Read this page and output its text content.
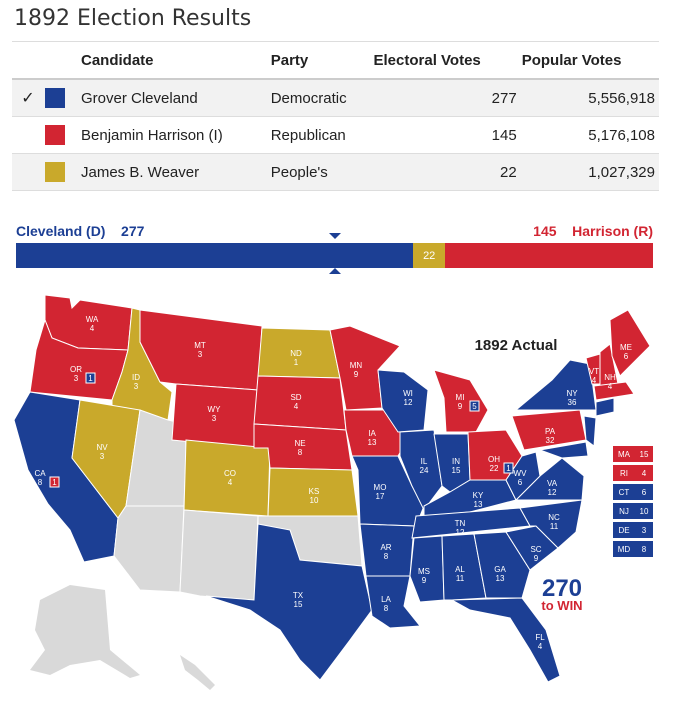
1892 Election Results
		Candidate	Party	Electoral Votes	Popular Votes
✓		Grover Cleveland	Democratic	277	5,556,918
		Benjamin Harrison (I)	Republican	145	5,176,108
		James B. Weaver	People's	22	1,027,329
Cleveland (D) 277	145 Harrison (R)
22
WA
4
OR
3 1
CA
8 1
ID
3
NV
3
MT
3
WY
3
CO
4
ND
1
SD
4
NE
8
KS
10
TX
15
MN
9
IA
13
MO
17
AR
8
LA
8
WI
12
IL
24
MI
9 5
IN
15
OH
22 1
KY
13
TN
12
MS
9
AL
11
GA
13
FL
4
SC
9
NC
11
VA
12
WV
6
PA
32
NY
36
VT
4 NH
4
ME
6
1892 Actual
270
to WIN
MA 15
RI 4
CT 6
NJ 10
DE 3
MD 8
